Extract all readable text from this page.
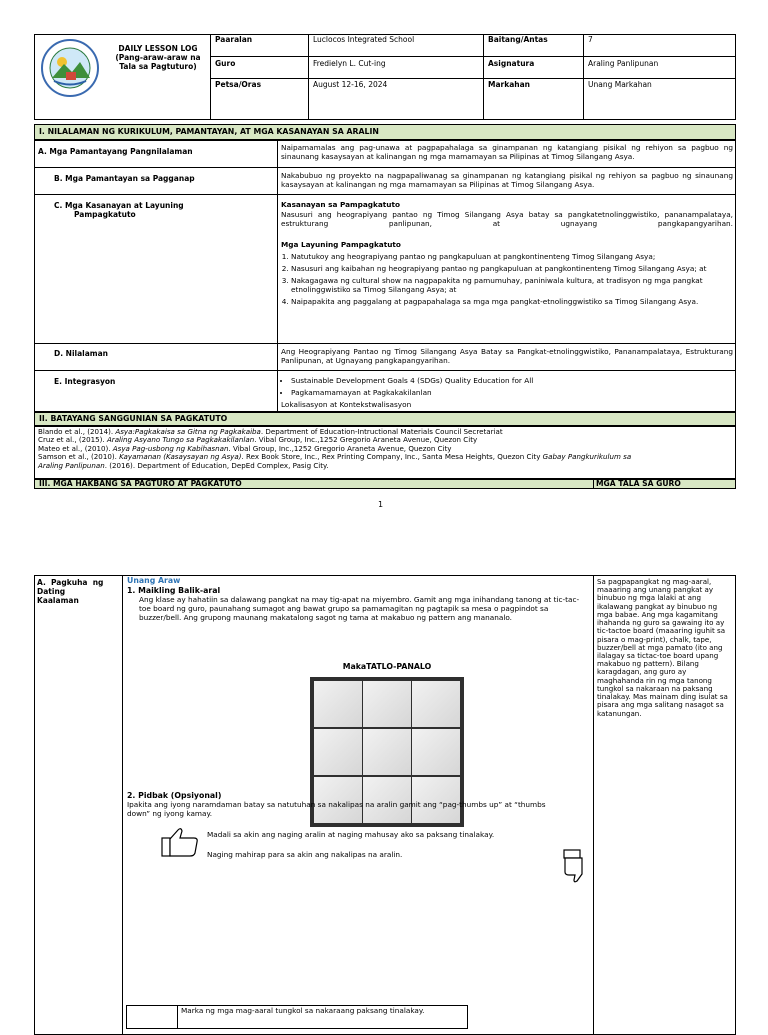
DAILY LESSON LOG
(Pang-araw-araw na
Tala sa Pagtuturo)
Paaralan	Luclocos Integrated School	Baitang/Antas	7
Guro	Fredielyn L. Cut-ing	Asignatura	Araling Panlipunan
Petsa/Oras	August 12-16, 2024	Markahan	Unang Markahan
I. NILALAMAN NG KURIKULUM, PAMANTAYAN, AT MGA KASANAYAN SA ARALIN
A. Mga Pamantayang Pangnilalaman	Naipamamalas ang pag-unawa at pagpapahalaga sa ginampanan ng katangiang pisikal ng rehiyon sa pagbuo ng sinaunang kasaysayan at kalinangan ng mga mamamayan sa Pilipinas at Timog Silangang Asya.
B. Mga Pamantayan sa Pagganap	Nakabubuo ng proyekto na nagpapaliwanag sa ginampanan ng katangiang pisikal ng rehiyon sa pagbuo ng sinaunang kasaysayan at kalinangan ng mga mamamayan sa Pilipinas at Timog Silangang Asya.
C. Mga Kasanayan at Layuning
Pampagkatuto
Kasanayan sa Pampagkatuto
Nasusuri ang heograpiyang pantao ng Timog Silangang Asya batay sa pangkatetnolinggwistiko, pananampalataya, estrukturang panlipunan, at ugnayang pangkapangyarihan.
Mga Layuning Pampagkatuto
1. Natutukoy ang heograpiyang pantao ng pangkapuluan at pangkontinenteng Timog Silangang Asya;
2. Nasusuri ang kaibahan ng heograpiyang pantao ng pangkapuluan at pangkontinenteng Timog Silangang Asya; at
3. Nakagagawa ng cultural show na nagpapakita ng pamumuhay, paniniwala kultura, at tradisyon ng mga pangkat etnolinggwistiko sa Timog Silangang Asya; at
4. Naipapakita ang paggalang at pagpapahalaga sa mga mga pangkat-etnolinggwistiko sa Timog Silangang Asya.
D. Nilalaman	Ang Heograpiyang Pantao ng Timog Silangang Asya Batay sa Pangkat-etnolinggwistiko, Pananampalataya, Estrukturang Panlipunan, at Ugnayang pangkapangyarihan.
E. Integrasyon
•	Sustainable Development Goals 4 (SDGs) Quality Education for All
• Pagkamamamayan at Pagkakakilanlan
Lokalisasyon at Kontekstwalisasyon
II. BATAYANG SANGGUNIAN SA PAGKATUTO
Blando et al., (2014). Asya:Pagkakaisa sa Gitna ng Pagkakaiba. Department of Education-Intructional Materials Council Secretariat
Cruz et al., (2015). Araling Asyano Tungo sa Pagkakakilanlan. Vibal Group, Inc.,1252 Gregorio Araneta Avenue, Quezon City
Mateo et al., (2010). Asya Pag-usbong ng Kabihasnan. Vibal Group, Inc.,1252 Gregorio Araneta Avenue, Quezon City
Samson et al., (2010). Kayamanan (Kasaysayan ng Asya). Rex Book Store, Inc., Rex Printing Company, Inc., Santa Mesa Heights, Quezon City Gabay Pangkurikulum sa
Araling Panlipunan. (2016). Department of Education, DepEd Complex, Pasig City.
III. MGA HAKBANG SA PAGTURO AT PAGKATUTO	MGA TALA SA GURO
1
A.  Pagkuha  ng
Dating
Kaalaman
Unang Araw
1. Maikling Balik-aral
Ang klase ay hahatiin sa dalawang pangkat na may tig-apat na miyembro. Gamit ang mga inihandang tanong at tic-tac-toe board ng guro, paunahang sumagot ang bawat grupo sa pamamagitan ng pagtapik sa mesa o pagpindot sa buzzer/bell. Ang grupong maunang makatalong sagot ng tama at makabuo ng pattern ang mananalo.
MakaTATLO-PANALO
2. Pidbak (Opsiyonal)
Ipakita ang iyong naramdaman batay sa natutuhan sa nakalipas na aralin gamit ang “pag-thumbs up” at “thumbs down” ng iyong kamay.
Madali sa akin ang naging aralin at naging mahusay ako sa paksang tinalakay.
Naging mahirap para sa akin ang nakalipas na aralin.
Marka ng mga mag-aaral tungkol sa nakaraang paksang tinalakay.
Sa pagpapangkat ng mag-aaral, maaaring ang unang pangkat ay binubuo ng mga lalaki at ang ikalawang pangkat ay binubuo ng mga babae. Ang mga kagamitang ihahanda ng guro sa gawaing ito ay tic-tactoe board (maaaring iguhit sa pisara o mag-print), chalk, tape, buzzer/bell at mga pamato (ito ang ilalagay sa tictac-toe board upang makabuo ng pattern). Bilang karagdagan, ang guro ay maghahanda rin ng mga tanong tungkol sa nakaraan na paksang tinalakay. Mas mainam ding isulat sa pisara ang mga salitang nasagot sa katanungan.
